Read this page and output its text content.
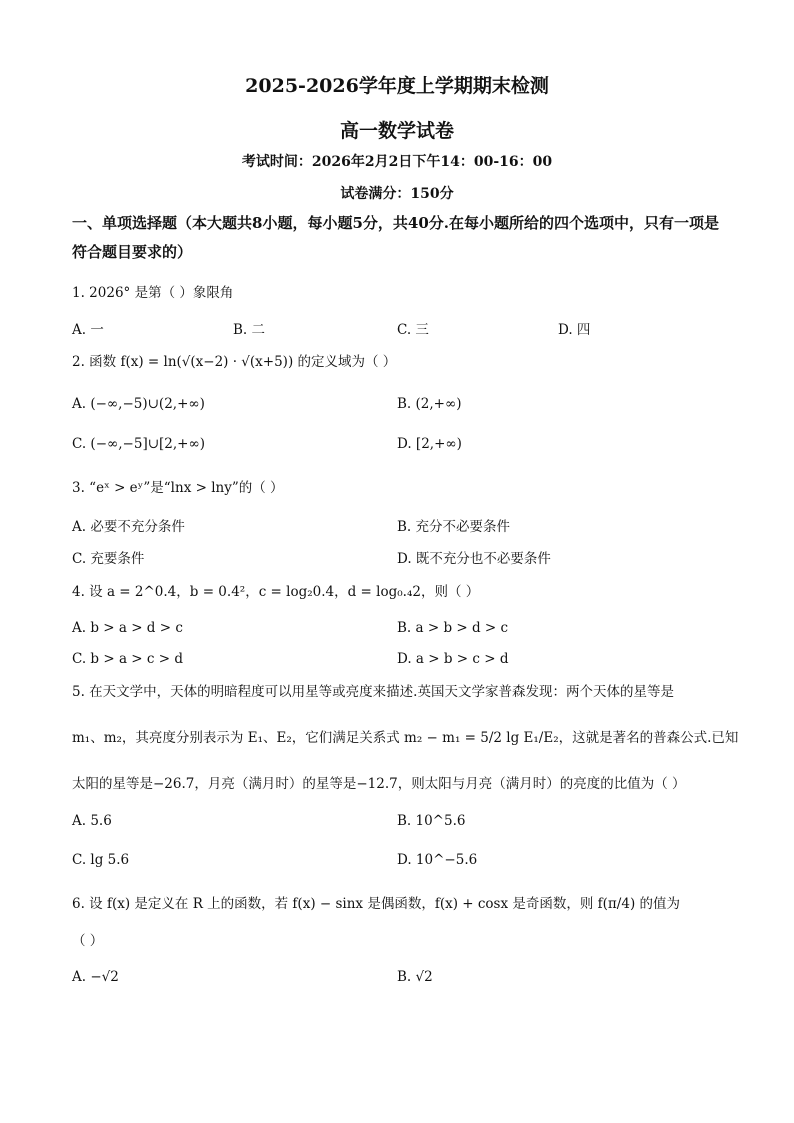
2025-2026学年度上学期期末检测
高一数学试卷
考试时间：2026年2月2日下午14：00-16：00
试卷满分：150分
一、单项选择题（本大题共8小题，每小题5分，共40分.在每小题所给的四个选项中，只有一项是符合题目要求的）
1. 2026° 是第（ ）象限角
A. 一	B. 二	C. 三	D. 四
2. 函数 f(x) = ln(√(x−2) · √(x+5)) 的定义域为（ ）
A. (−∞,−5)∪(2,+∞)	B. (2,+∞)
C. (−∞,−5]∪[2,+∞)	D. [2,+∞)
3. “eˣ > eʸ”是“lnx > lny”的（ ）
A. 必要不充分条件	B. 充分不必要条件
C. 充要条件	D. 既不充分也不必要条件
4. 设 a = 2^0.4，b = 0.4²，c = log₂0.4，d = log₀.₄2，则（ ）
A. b > a > d > c	B. a > b > d > c
C. b > a > c > d	D. a > b > c > d
5. 在天文学中，天体的明暗程度可以用星等或亮度来描述.英国天文学家普森发现：两个天体的星等是
m₁、m₂，其亮度分别表示为 E₁、E₂，它们满足关系式 m₂ − m₁ = 5/2 lg E₁/E₂，这就是著名的普森公式.已知
太阳的星等是−26.7，月亮（满月时）的星等是−12.7，则太阳与月亮（满月时）的亮度的比值为（ ）
A. 5.6	B. 10^5.6
C. lg 5.6	D. 10^−5.6
6. 设 f(x) 是定义在 R 上的函数，若 f(x) − sinx 是偶函数，f(x) + cosx 是奇函数，则 f(π/4) 的值为
（ ）
A. −√2	B. √2
